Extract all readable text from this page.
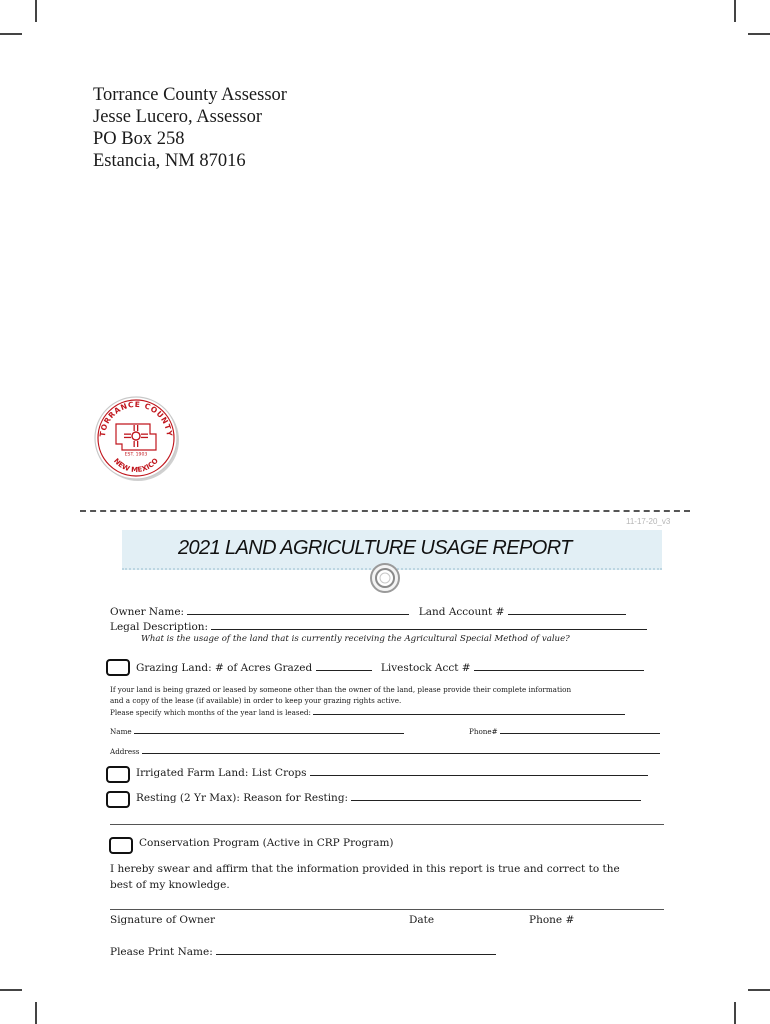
Torrance County Assessor
Jesse Lucero, Assessor
PO Box 258
Estancia, NM 87016
TORRANCE COUNTY
NEW MEXICO
EST. 1903
11-17-20_v3
2021 LAND AGRICULTURE USAGE REPORT
Owner Name:	Land Account #
Legal Description:
What is the usage of the land that is currently receiving the Agricultural Special Method of value?
Grazing Land: # of Acres Grazed	Livestock Acct #
If your land is being grazed or leased by someone other than the owner of the land, please provide their complete information
and a copy of the lease (if available) in order to keep your grazing rights active.
Please specify which months of the year land is leased:
Name	Phone#
Address
Irrigated Farm Land: List Crops
Resting (2 Yr Max): Reason for Resting:
Conservation Program (Active in CRP Program)
I hereby swear and affirm that the information provided in this report is true and correct to the
best of my knowledge.
Signature of Owner	Date	Phone #
Please Print Name:
